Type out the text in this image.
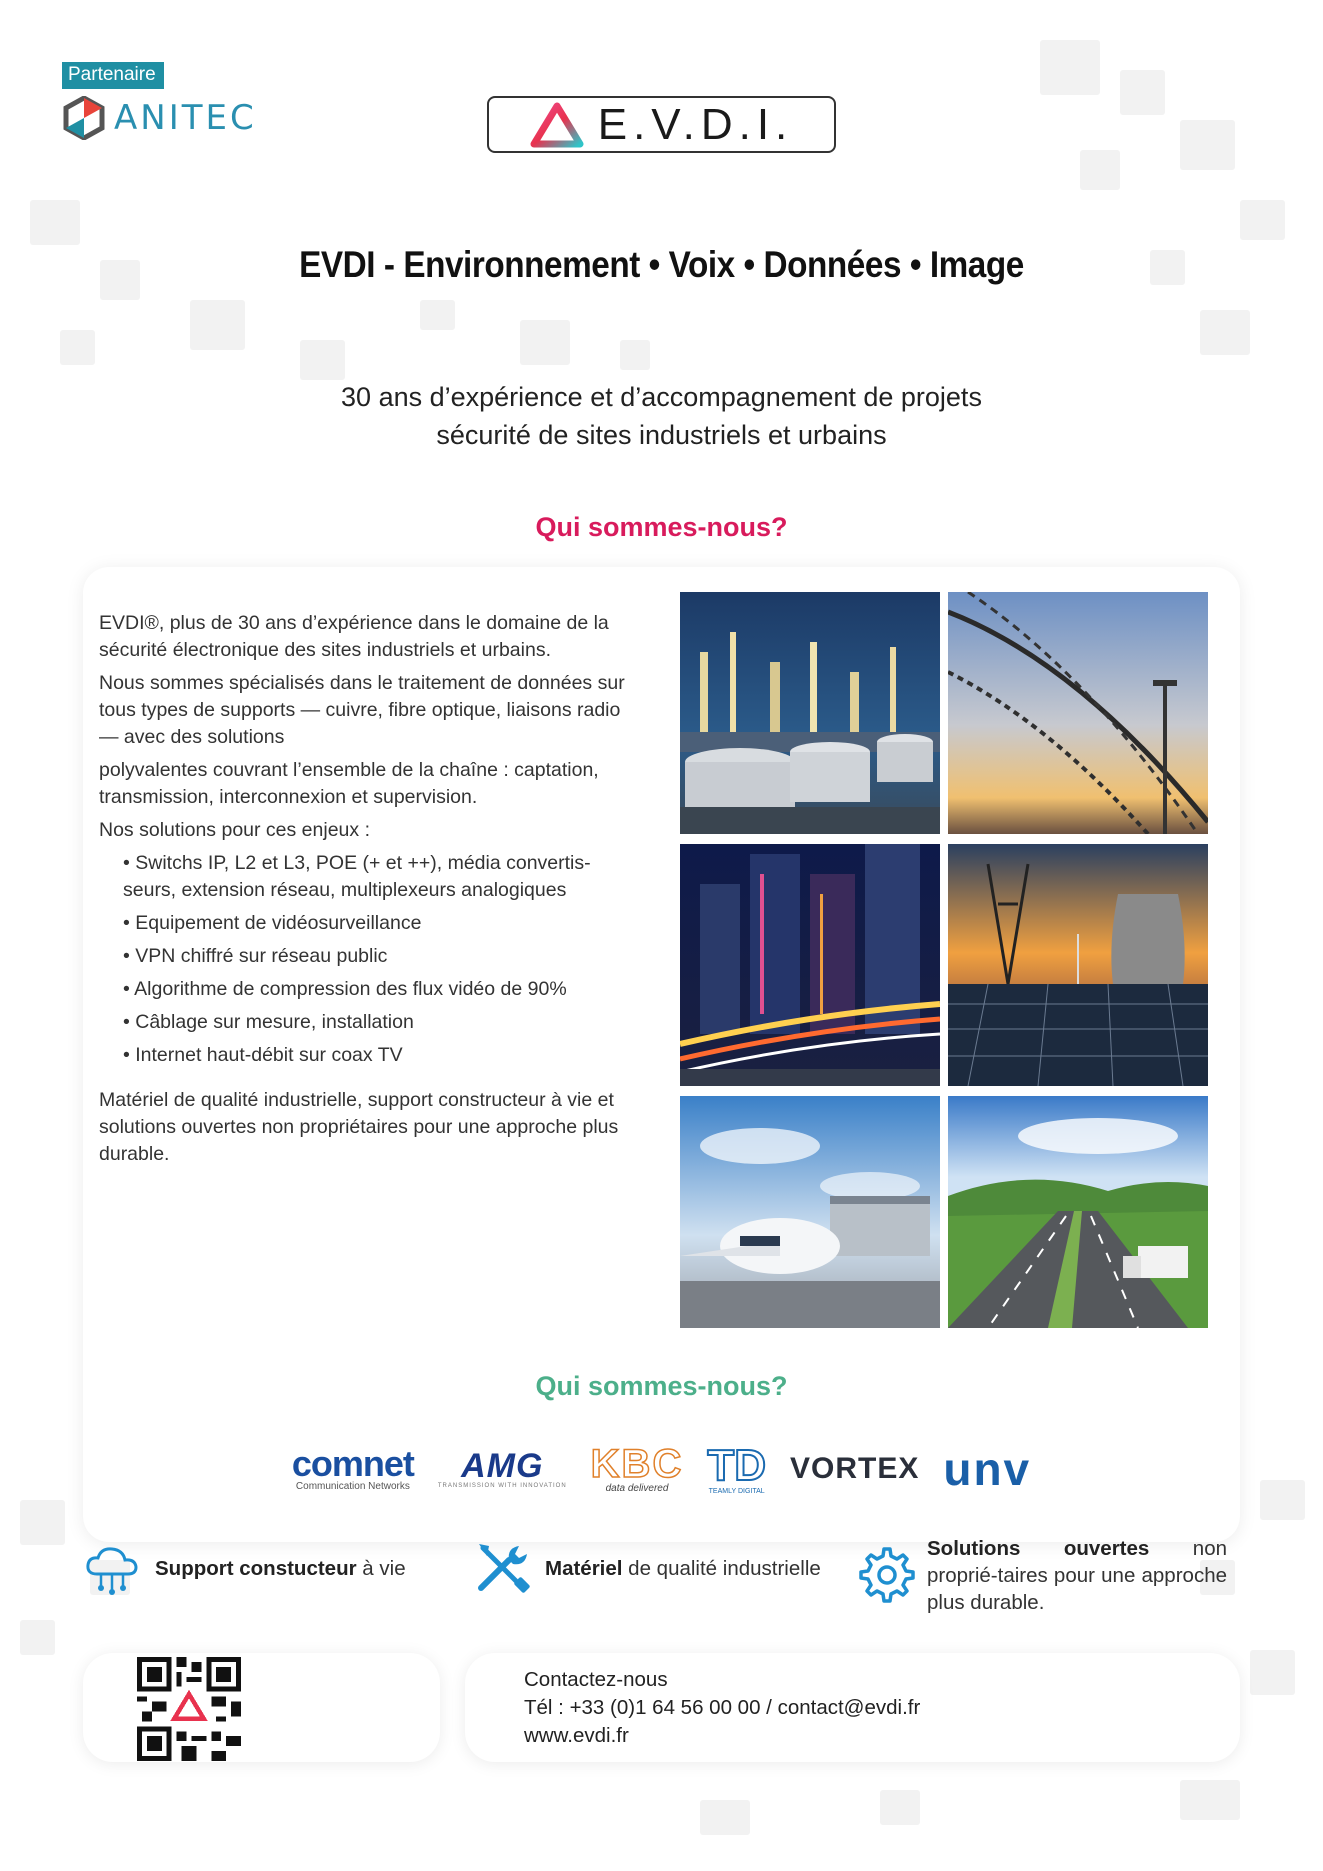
Partenaire
ANITEC	E.V.D.I.
EVDI - Environnement • Voix • Données • Image
30 ans d’expérience et d’accompagnement de projets
sécurité de sites industriels et urbains
Qui sommes-nous?

EVDI®, plus de 30 ans d’expérience dans le domaine de la sécurité électronique des sites industriels et urbains.

Nous sommes spécialisés dans le traitement de données sur tous types de supports — cuivre, fibre optique, liaisons radio — avec des solutions

polyvalentes couvrant l’ensemble de la chaîne : captation, transmission, interconnexion et supervision.

Nos solutions pour ces enjeux :

• Switchs IP, L2 et L3, POE (+ et ++), média convertis-seurs, extension réseau, multiplexeurs analogiques
• Equipement de vidéosurveillance
• VPN chiffré sur réseau public
• Algorithme de compression des flux vidéo de 90%
• Câblage sur mesure, installation
• Internet haut-débit sur coax TV

Matériel de qualité industrielle, support constructeur à vie et solutions ouvertes non propriétaires pour une approche plus durable.

Qui sommes-nous?
comnet
Communication Networks
AMG
TRANSMISSION WITH INNOVATION KBC
data delivered TD
TEAMLY DIGITAL
VORTEX unv
Support constucteur à vie	Matériel de qualité industrielle
Solutions ouvertes non proprié-taires pour une approche plus durable.
Contactez-nous
Tél : +33 (0)1 64 56 00 00 / contact@evdi.fr
www.evdi.fr
